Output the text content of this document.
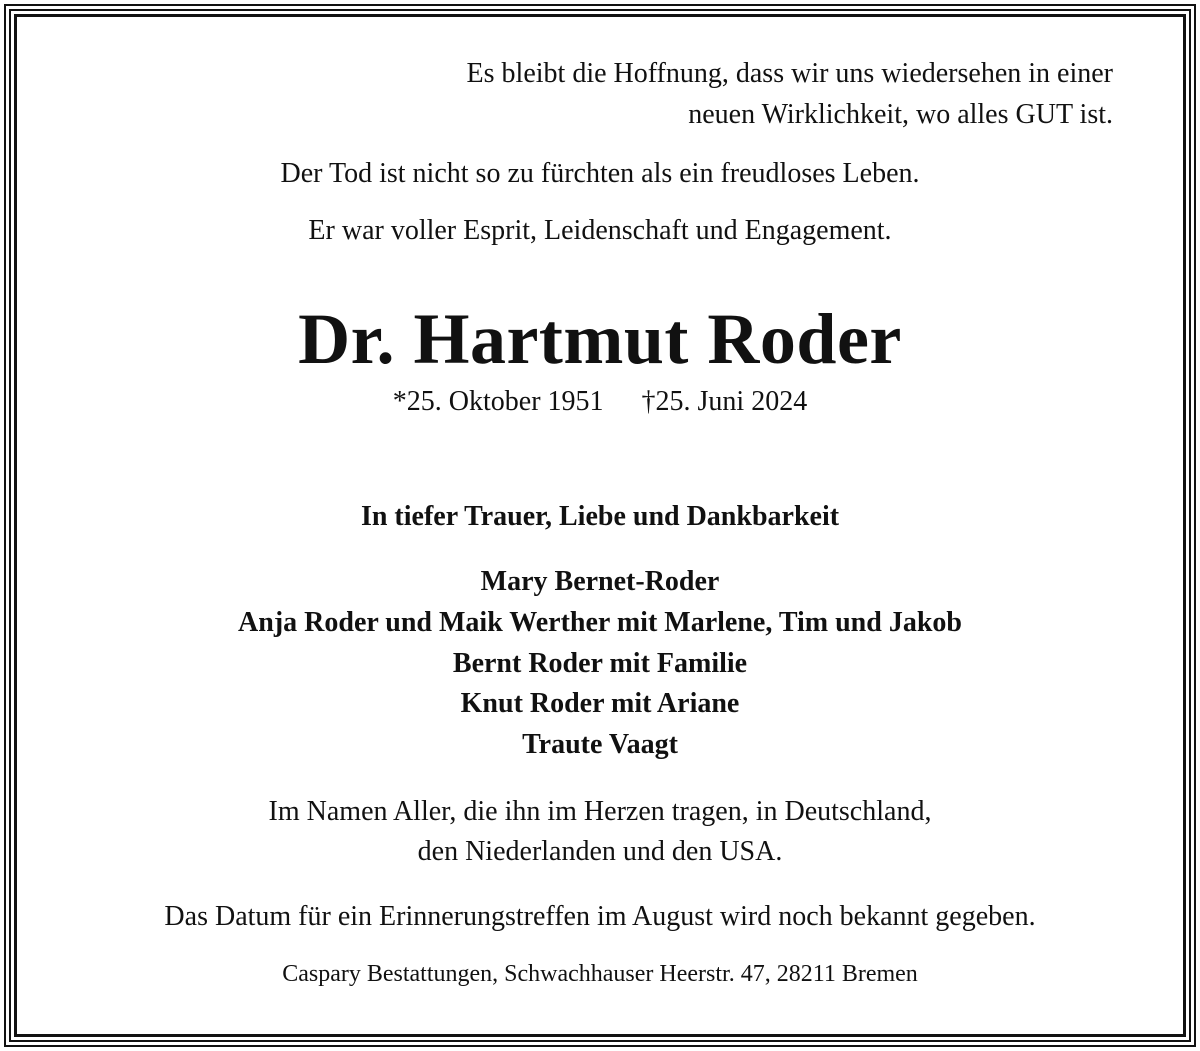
Es bleibt die Hoffnung, dass wir uns wiedersehen in einer
neuen Wirklichkeit, wo alles GUT ist.
Der Tod ist nicht so zu fürchten als ein freudloses Leben.
Er war voller Esprit, Leidenschaft und Engagement.
Dr. Hartmut Roder
*25. Oktober 1951 †25. Juni 2024
In tiefer Trauer, Liebe und Dankbarkeit
Mary Bernet-Roder
Anja Roder und Maik Werther mit Marlene, Tim und Jakob
Bernt Roder mit Familie
Knut Roder mit Ariane
Traute Vaagt
Im Namen Aller, die ihn im Herzen tragen, in Deutschland,
den Niederlanden und den USA.
Das Datum für ein Erinnerungstreffen im August wird noch bekannt gegeben.
Caspary Bestattungen, Schwachhauser Heerstr. 47, 28211 Bremen
